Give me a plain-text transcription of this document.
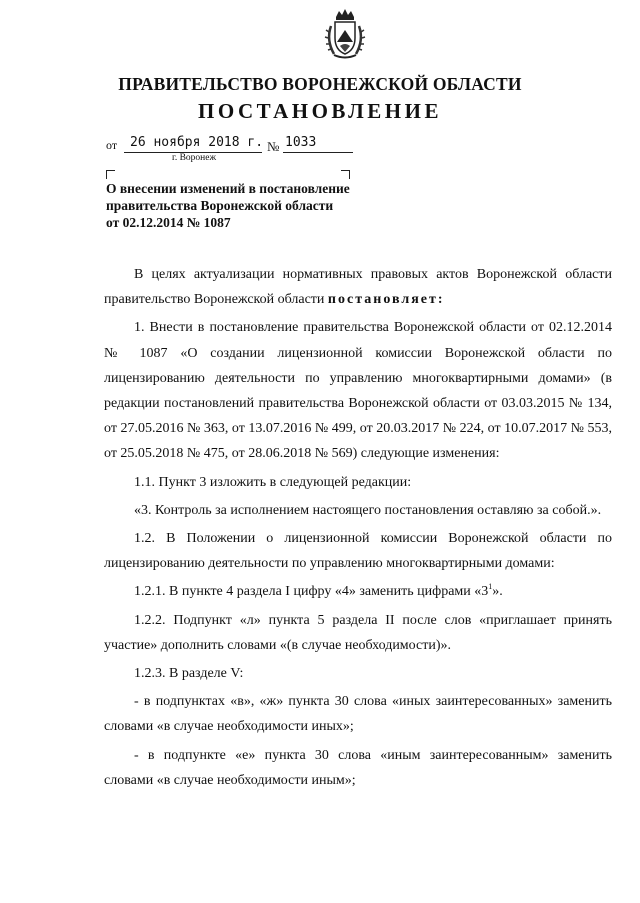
ПРАВИТЕЛЬСТВО ВОРОНЕЖСКОЙ ОБЛАСТИ
ПОСТАНОВЛЕНИЕ
от 26 ноября 2018 г. № 1033
г. Воронеж
О внесении изменений в постановление
правительства Воронежской области
от 02.12.2014 № 1087

В целях актуализации нормативных правовых актов Воронежской области правительство Воронежской области постановляет:

1. Внести в постановление правительства Воронежской области от 02.12.2014 № 1087 «О создании лицензионной комиссии Воронежской области по лицензированию деятельности по управлению многоквартирными домами» (в редакции постановлений правительства Воронежской области от 03.03.2015 № 134, от 27.05.2016 № 363, от 13.07.2016 № 499, от 20.03.2017 № 224, от 10.07.2017 № 553, от 25.05.2018 № 475, от 28.06.2018 № 569) следующие изменения:

1.1. Пункт 3 изложить в следующей редакции:

«3. Контроль за исполнением настоящего постановления оставляю за собой.».

1.2. В Положении о лицензионной комиссии Воронежской области по лицензированию деятельности по управлению многоквартирными домами:

1.2.1. В пункте 4 раздела I цифру «4» заменить цифрами «$3^1$».

1.2.2. Подпункт «л» пункта 5 раздела II после слов «приглашает принять участие» дополнить словами «(в случае необходимости)».

1.2.3. В разделе V:

- в подпунктах «в», «ж» пункта 30 слова «иных заинтересованных» заменить словами «в случае необходимости иных»;

- в подпункте «е» пункта 30 слова «иным заинтересованным» заменить словами «в случае необходимости иным»;
